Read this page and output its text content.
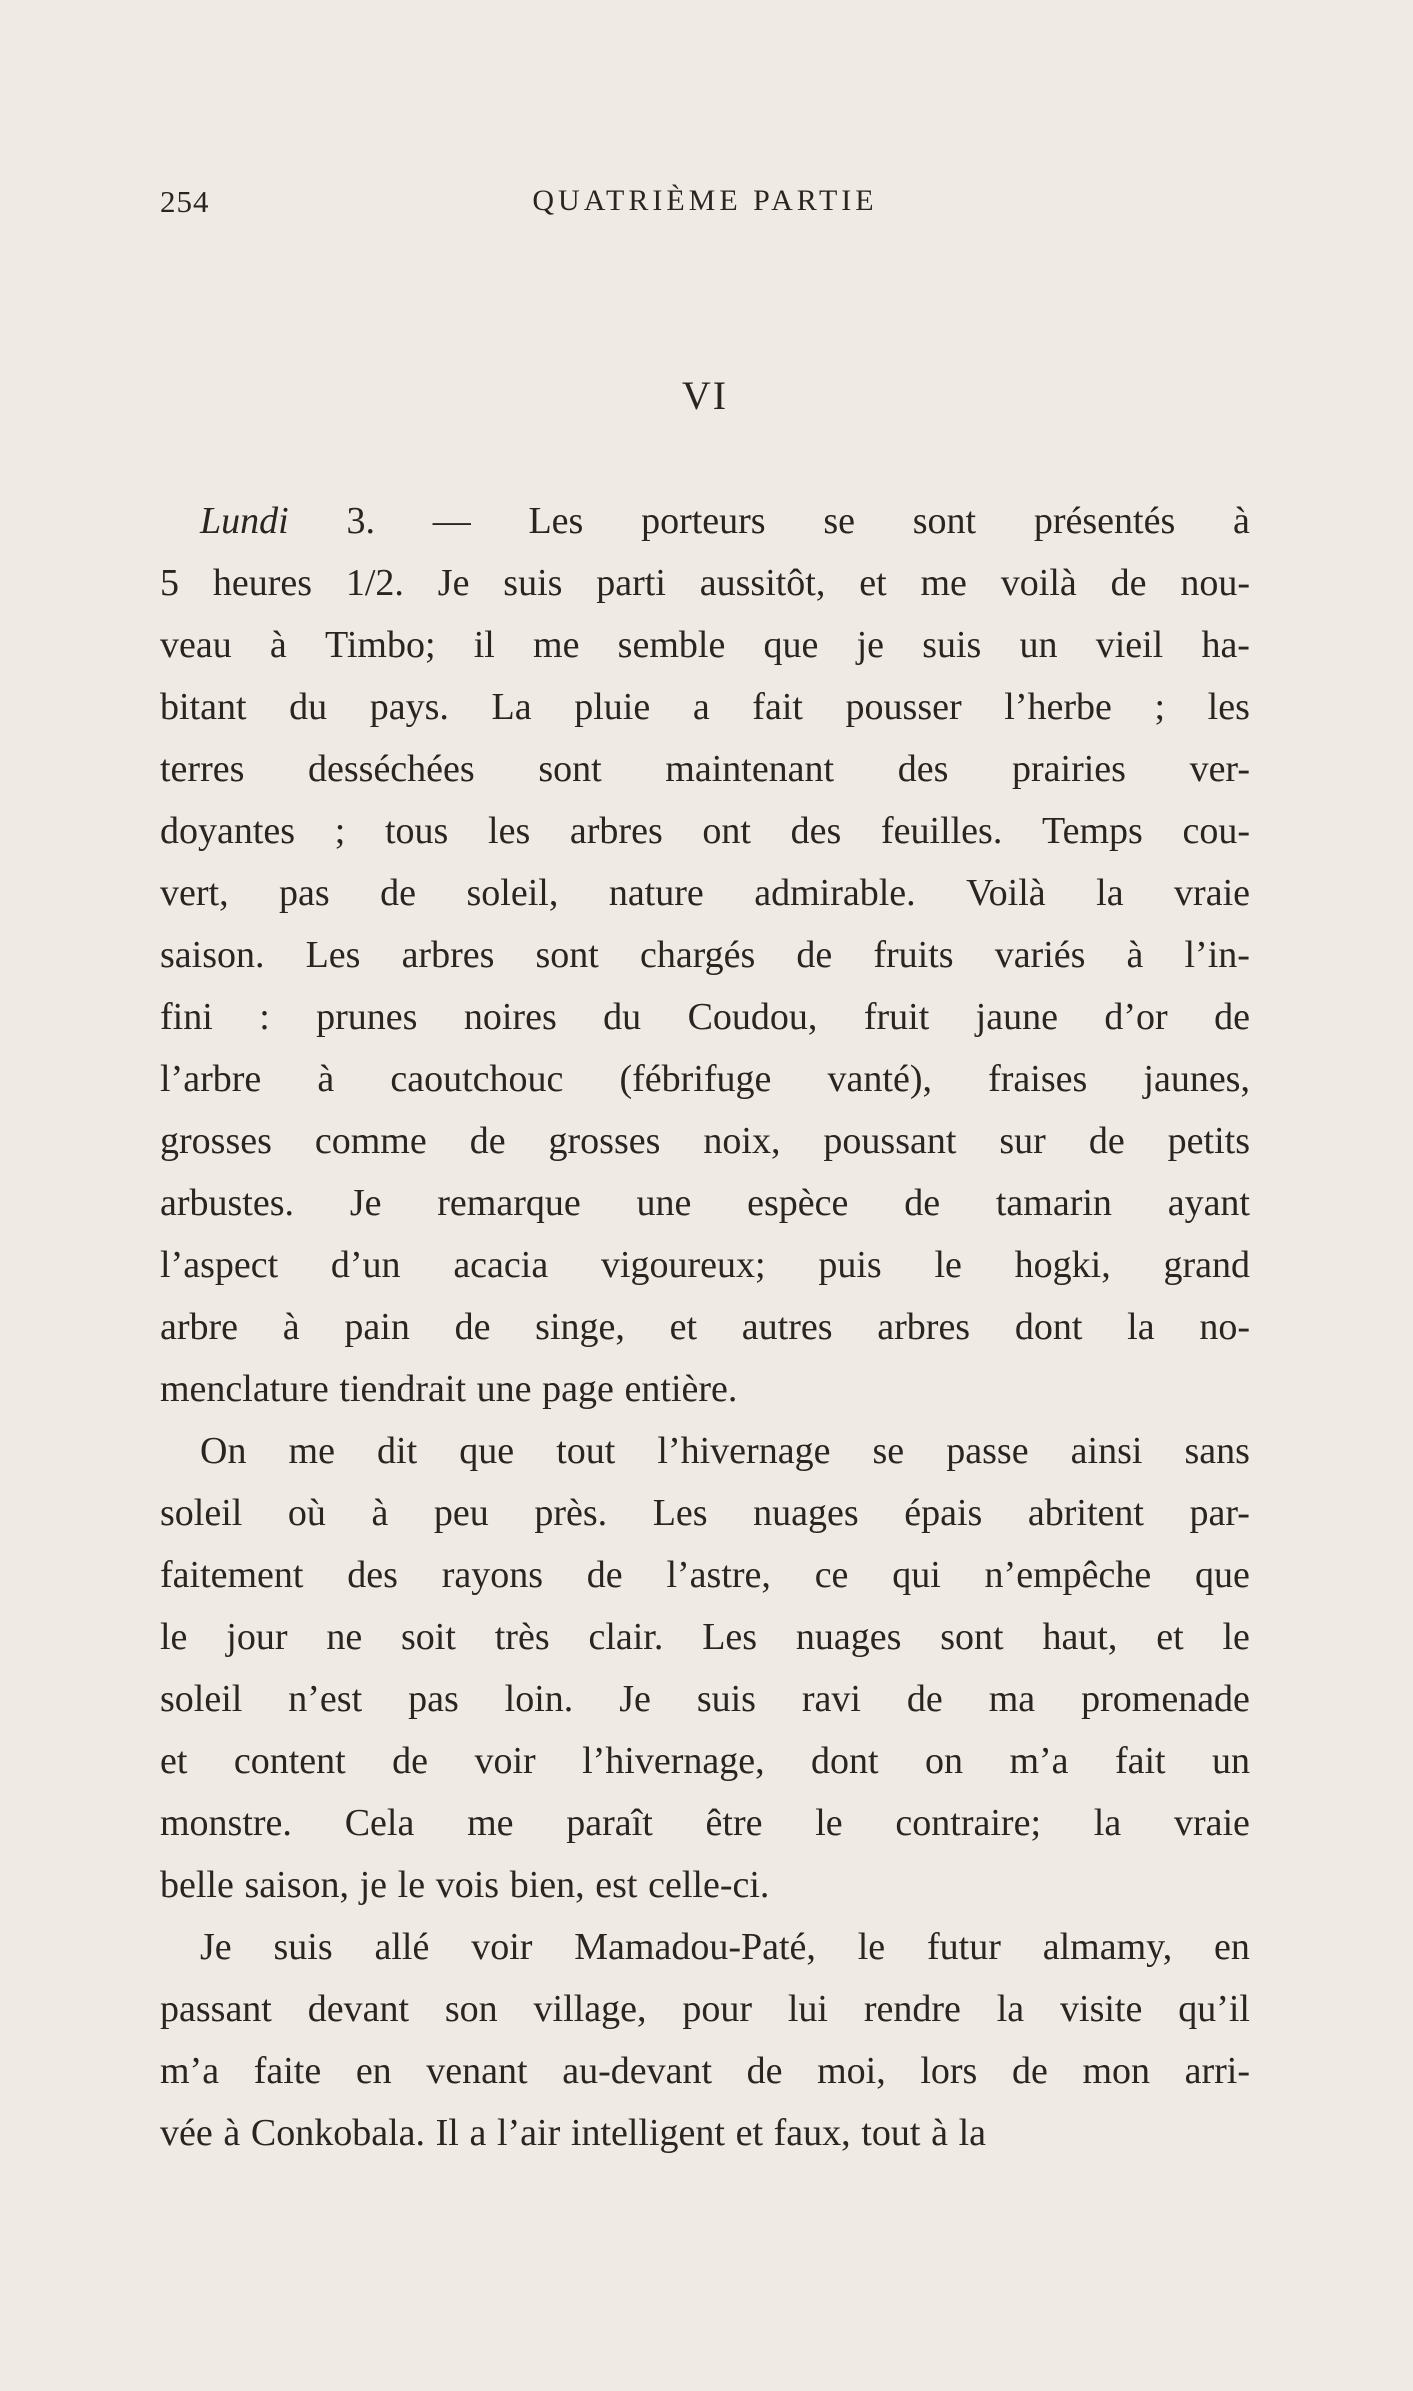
254	QUATRIÈME PARTIE
VI
Lundi 3. — Les porteurs se sont présentés à
5 heures 1/2. Je suis parti aussitôt, et me voilà de nou-
veau à Timbo; il me semble que je suis un vieil ha-
bitant du pays. La pluie a fait pousser l’herbe ; les
terres desséchées sont maintenant des prairies ver-
doyantes ; tous les arbres ont des feuilles. Temps cou-
vert, pas de soleil, nature admirable. Voilà la vraie
saison. Les arbres sont chargés de fruits variés à l’in-
fini : prunes noires du Coudou, fruit jaune d’or de
l’arbre à caoutchouc (fébrifuge vanté), fraises jaunes,
grosses comme de grosses noix, poussant sur de petits
arbustes. Je remarque une espèce de tamarin ayant
l’aspect d’un acacia vigoureux; puis le hogki, grand
arbre à pain de singe, et autres arbres dont la no-
menclature tiendrait une page entière.
On me dit que tout l’hivernage se passe ainsi sans
soleil où à peu près. Les nuages épais abritent par-
faitement des rayons de l’astre, ce qui n’empêche que
le jour ne soit très clair. Les nuages sont haut, et le
soleil n’est pas loin. Je suis ravi de ma promenade
et content de voir l’hivernage, dont on m’a fait un
monstre. Cela me paraît être le contraire; la vraie
belle saison, je le vois bien, est celle-ci.
Je suis allé voir Mamadou-Paté, le futur almamy, en
passant devant son village, pour lui rendre la visite qu’il
m’a faite en venant au-devant de moi, lors de mon arri-
vée à Conkobala. Il a l’air intelligent et faux, tout à la
